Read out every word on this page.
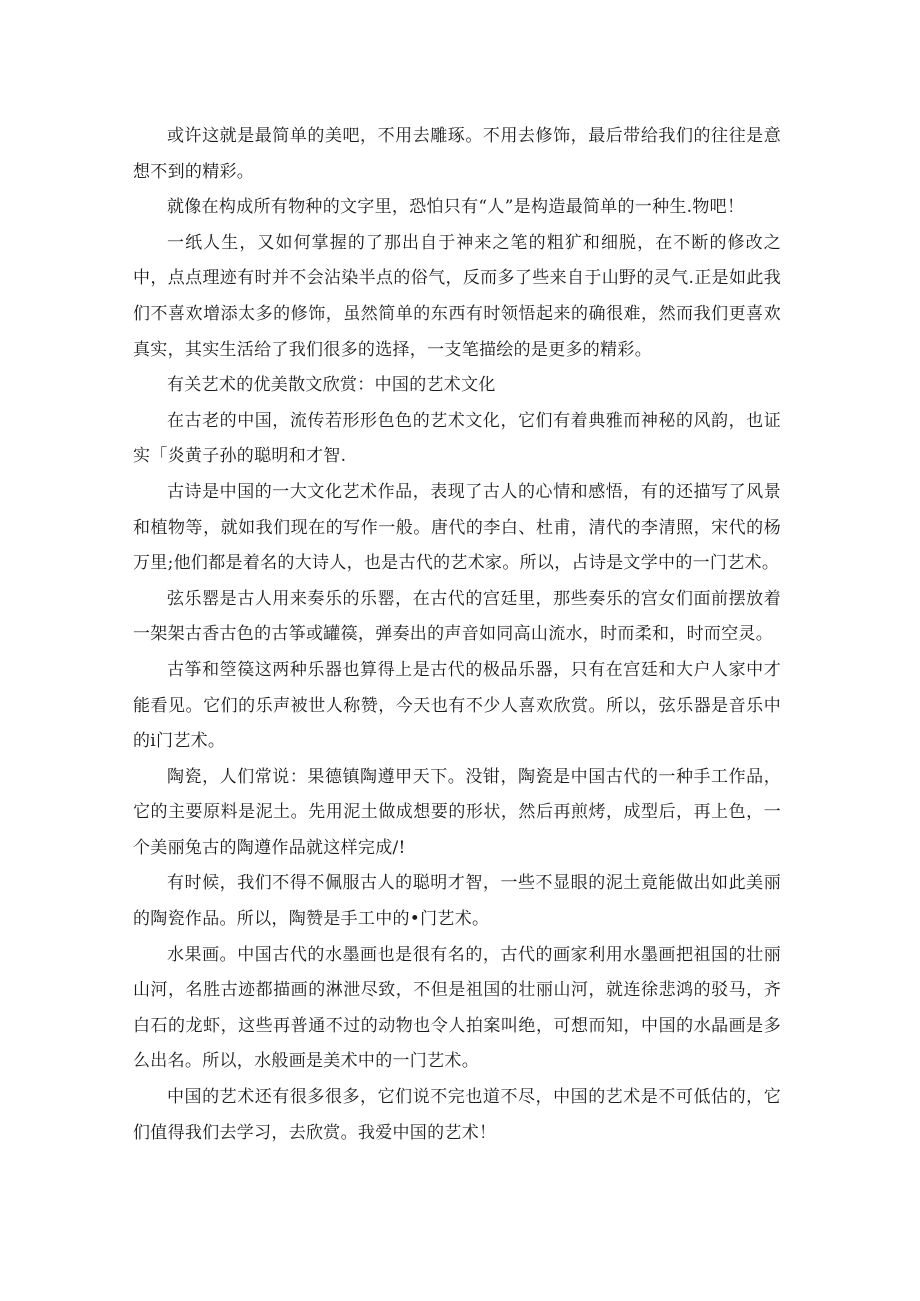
或许这就是最简单的美吧，不用去雕琢。不用去修饰，最后带给我们的往往是意想不到的精彩。

就像在构成所有物种的文字里，恐怕只有“人”是构造最简单的一种生.物吧！

一纸人生，又如何掌握的了那出自于神来之笔的粗犷和细脱，在不断的修改之中，点点理迹有时并不会沾染半点的俗气，反而多了些来自于山野的灵气.正是如此我们不喜欢增添太多的修饰，虽然简单的东西有时领悟起来的确很难，然而我们更喜欢真实，其实生活给了我们很多的选择，一支笔描绘的是更多的精彩。

有关艺术的优美散文欣赏：中国的艺术文化

在古老的中国，流传若形形色色的艺术文化，它们有着典雅而神秘的风韵，也证实「炎黄子孙的聪明和才智.

古诗是中国的一大文化艺术作品，表现了古人的心情和感悟，有的还描写了风景和植物等，就如我们现在的写作一般。唐代的李白、杜甫，清代的李清照，宋代的杨万里;他们都是着名的大诗人，也是古代的艺术家。所以，占诗是文学中的一门艺术。

弦乐罂是古人用来奏乐的乐罂，在古代的宫廷里，那些奏乐的宫女们面前摆放着一架架古香古色的古筝或罐篌，弹奏出的声音如同高山流水，时而柔和，时而空灵。

古筝和箜篌这两种乐器也算得上是古代的极品乐器，只有在宫廷和大户人家中才能看见。它们的乐声被世人称赞，今天也有不少人喜欢欣赏。所以，弦乐器是音乐中的i门艺术。

陶瓷，人们常说：果德镇陶遵甲天下。没钳，陶瓷是中国古代的一种手工作品，它的主要原料是泥土。先用泥土做成想要的形状，然后再煎烤，成型后，再上色，一个美丽兔古的陶遵作品就这样完成/!

有时候，我们不得不佩服古人的聪明才智，一些不显眼的泥土竟能做出如此美丽的陶瓷作品。所以，陶赞是手工中的•门艺术。

水果画。中国古代的水墨画也是很有名的，古代的画家利用水墨画把祖国的壮丽山河，名胜古迹都描画的淋泄尽致，不但是祖国的壮丽山河，就连徐悲鸿的驳马，齐白石的龙虾，这些再普通不过的动物也令人拍案叫绝，可想而知，中国的水晶画是多么出名。所以，水般画是美术中的一门艺术。

中国的艺术还有很多很多，它们说不完也道不尽，中国的艺术是不可低估的，它们值得我们去学习，去欣赏。我爱中国的艺术！
